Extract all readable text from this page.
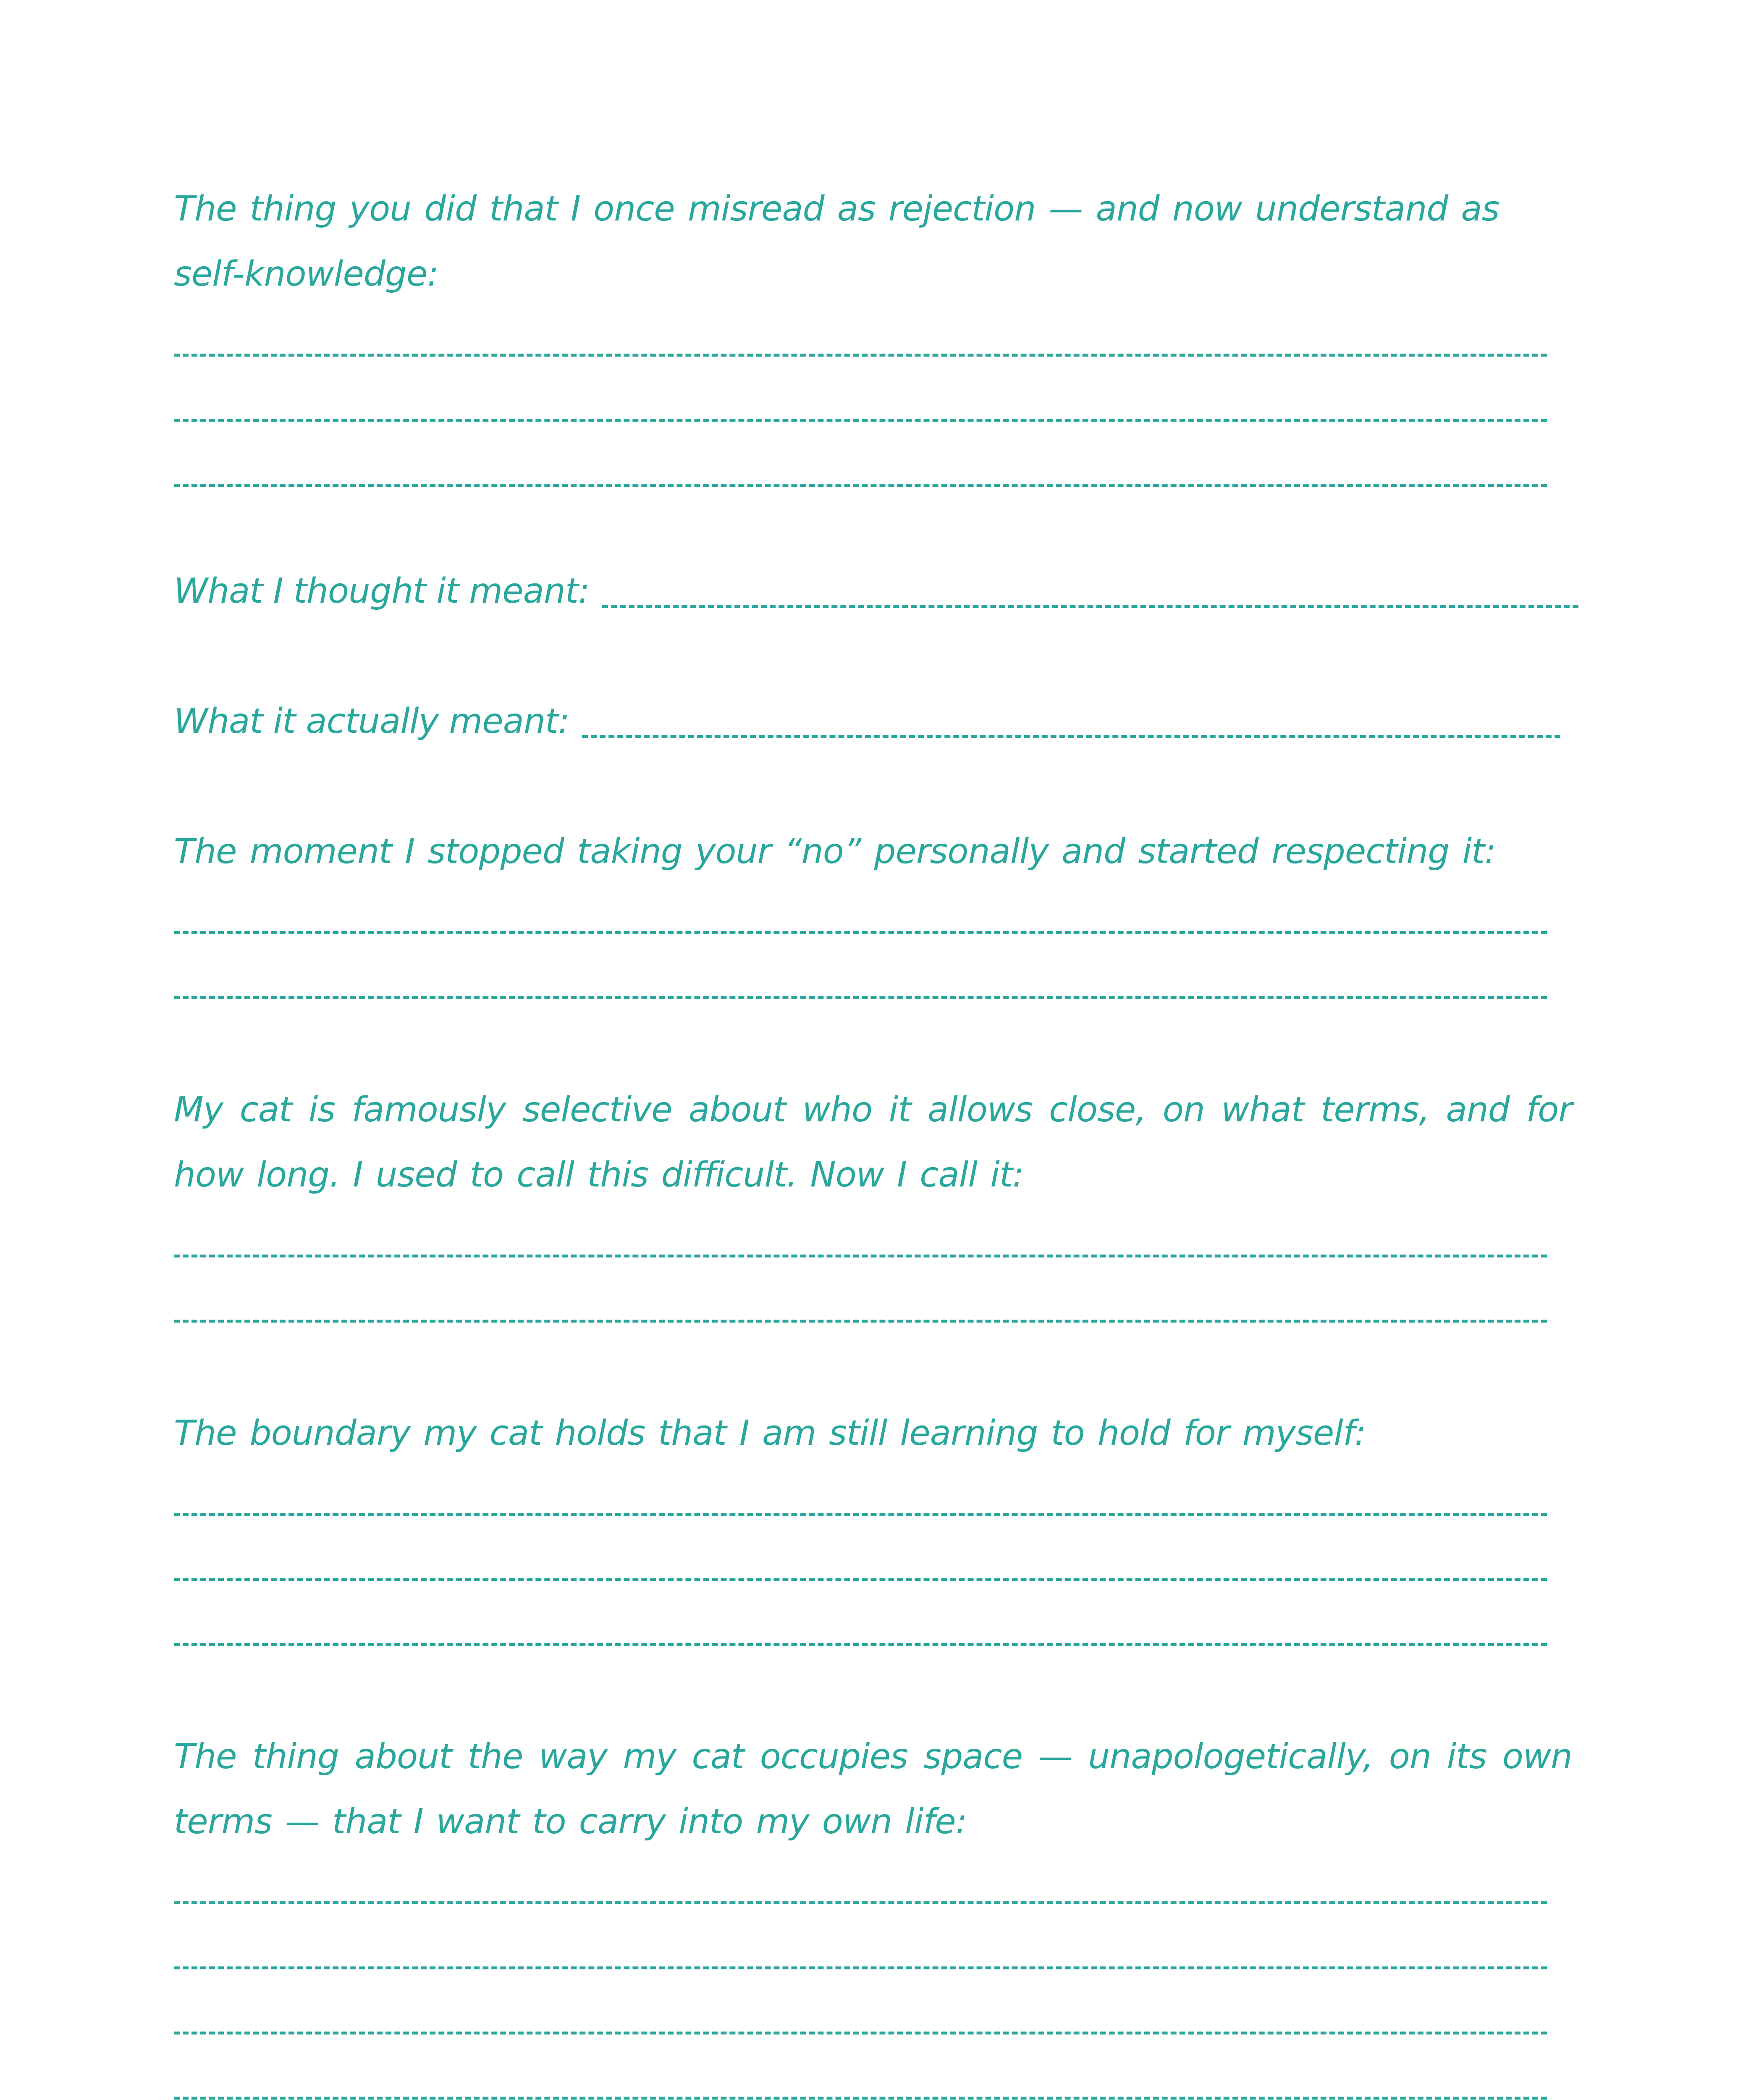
The thing you did that I once misread as rejection — and now understand as self-knowledge:

What I thought it meant:
What it actually meant:

The moment I stopped taking your “no” personally and started respecting it:

My cat is famously selective about who it allows close, on what terms, and for how long. I used to call this difficult. Now I call it:

The boundary my cat holds that I am still learning to hold for myself:

The thing about the way my cat occupies space — unapologetically, on its own terms — that I want to carry into my own life:
